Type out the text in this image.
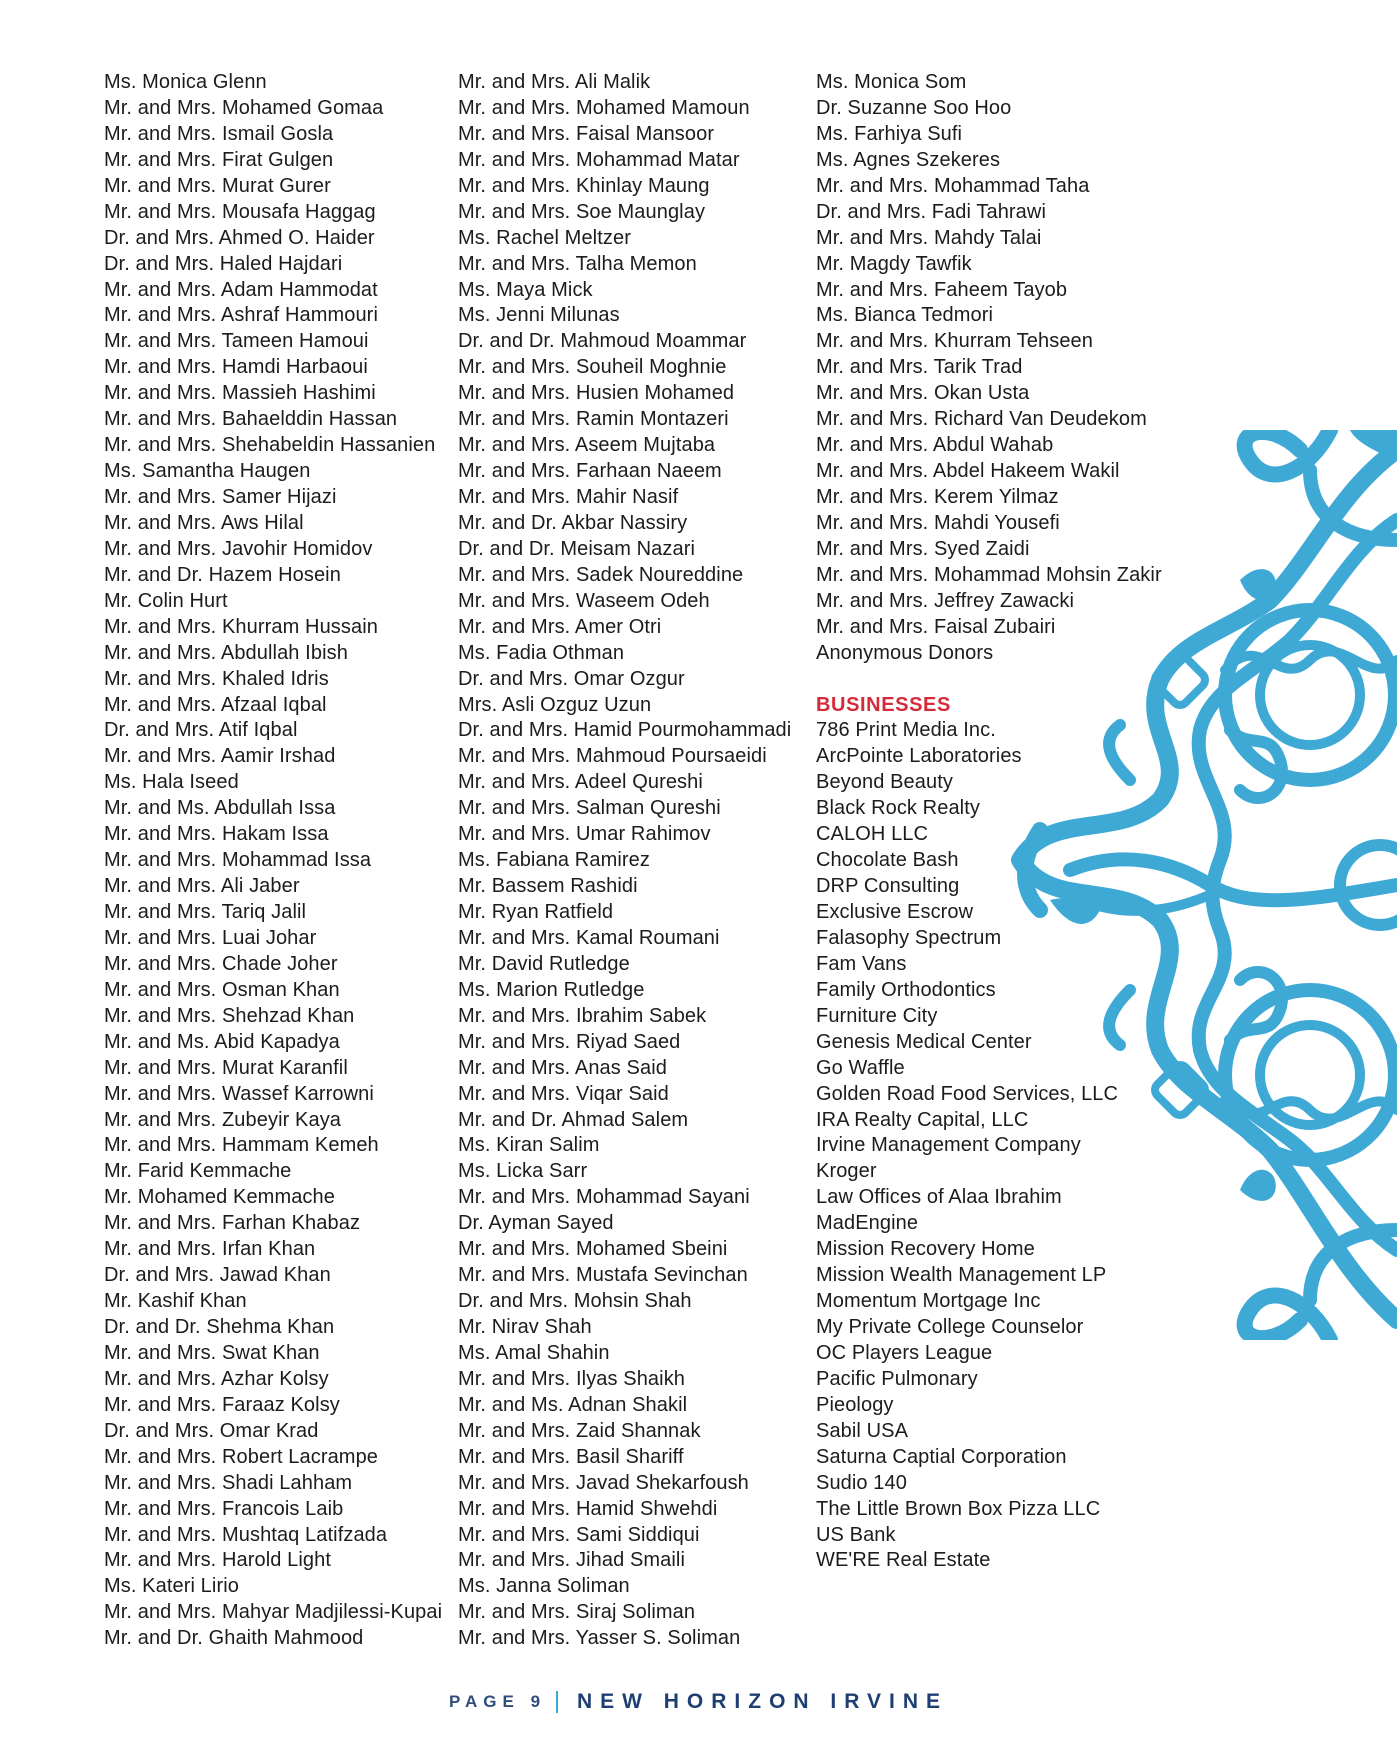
Ms. Monica Glenn
Mr. and Mrs. Mohamed Gomaa
Mr. and Mrs. Ismail Gosla
Mr. and Mrs. Firat Gulgen
Mr. and Mrs. Murat Gurer
Mr. and Mrs. Mousafa Haggag
Dr. and Mrs. Ahmed O. Haider
Dr. and Mrs. Haled Hajdari
Mr. and Mrs. Adam Hammodat
Mr. and Mrs. Ashraf Hammouri
Mr. and Mrs. Tameen Hamoui
Mr. and Mrs. Hamdi Harbaoui
Mr. and Mrs. Massieh Hashimi
Mr. and Mrs. Bahaelddin Hassan
Mr. and Mrs. Shehabeldin Hassanien
Ms. Samantha Haugen
Mr. and Mrs. Samer Hijazi
Mr. and Mrs. Aws Hilal
Mr. and Mrs. Javohir Homidov
Mr. and Dr. Hazem Hosein
Mr. Colin Hurt
Mr. and Mrs. Khurram Hussain
Mr. and Mrs. Abdullah Ibish
Mr. and Mrs. Khaled Idris
Mr. and Mrs. Afzaal Iqbal
Dr. and Mrs. Atif Iqbal
Mr. and Mrs. Aamir Irshad
Ms. Hala Iseed
Mr. and Ms. Abdullah Issa
Mr. and Mrs. Hakam Issa
Mr. and Mrs. Mohammad Issa
Mr. and Mrs. Ali Jaber
Mr. and Mrs. Tariq Jalil
Mr. and Mrs. Luai Johar
Mr. and Mrs. Chade Joher
Mr. and Mrs. Osman Khan
Mr. and Mrs. Shehzad Khan
Mr. and Ms. Abid Kapadya
Mr. and Mrs. Murat Karanfil
Mr. and Mrs. Wassef Karrowni
Mr. and Mrs. Zubeyir Kaya
Mr. and Mrs. Hammam Kemeh
Mr. Farid Kemmache
Mr. Mohamed Kemmache
Mr. and Mrs. Farhan Khabaz
Mr. and Mrs. Irfan Khan
Dr. and Mrs. Jawad Khan
Mr. Kashif Khan
Dr. and Dr. Shehma Khan
Mr. and Mrs. Swat Khan
Mr. and Mrs. Azhar Kolsy
Mr. and Mrs. Faraaz Kolsy
Dr. and Mrs. Omar Krad
Mr. and Mrs. Robert Lacrampe
Mr. and Mrs. Shadi Lahham
Mr. and Mrs. Francois Laib
Mr. and Mrs. Mushtaq Latifzada
Mr. and Mrs. Harold Light
Ms. Kateri Lirio
Mr. and Mrs. Mahyar Madjilessi-Kupai
Mr. and Dr. Ghaith Mahmood
Mr. and Mrs. Ali Malik
Mr. and Mrs. Mohamed Mamoun
Mr. and Mrs. Faisal Mansoor
Mr. and Mrs. Mohammad Matar
Mr. and Mrs. Khinlay Maung
Mr. and Mrs. Soe Maunglay
Ms. Rachel Meltzer
Mr. and Mrs. Talha Memon
Ms. Maya Mick
Ms. Jenni Milunas
Dr. and Dr. Mahmoud Moammar
Mr. and Mrs. Souheil Moghnie
Mr. and Mrs. Husien Mohamed
Mr. and Mrs. Ramin Montazeri
Mr. and Mrs. Aseem Mujtaba
Mr. and Mrs. Farhaan Naeem
Mr. and Mrs. Mahir Nasif
Mr. and Dr. Akbar Nassiry
Dr. and Dr. Meisam Nazari
Mr. and Mrs. Sadek Noureddine
Mr. and Mrs. Waseem Odeh
Mr. and Mrs. Amer Otri
Ms. Fadia Othman
Dr. and Mrs. Omar Ozgur
Mrs. Asli Ozguz Uzun
Dr. and Mrs. Hamid Pourmohammadi
Mr. and Mrs. Mahmoud Poursaeidi
Mr. and Mrs. Adeel Qureshi
Mr. and Mrs. Salman Qureshi
Mr. and Mrs. Umar Rahimov
Ms. Fabiana Ramirez
Mr. Bassem Rashidi
Mr. Ryan Ratfield
Mr. and Mrs. Kamal Roumani
Mr. David Rutledge
Ms. Marion Rutledge
Mr. and Mrs. Ibrahim Sabek
Mr. and Mrs. Riyad Saed
Mr. and Mrs. Anas Said
Mr. and Mrs. Viqar Said
Mr. and Dr. Ahmad Salem
Ms. Kiran Salim
Ms. Licka Sarr
Mr. and Mrs. Mohammad Sayani
Dr. Ayman Sayed
Mr. and Mrs. Mohamed Sbeini
Mr. and Mrs. Mustafa Sevinchan
Dr. and Mrs. Mohsin Shah
Mr. Nirav Shah
Ms. Amal Shahin
Mr. and Mrs. Ilyas Shaikh
Mr. and Ms. Adnan Shakil
Mr. and Mrs. Zaid Shannak
Mr. and Mrs. Basil Shariff
Mr. and Mrs. Javad Shekarfoush
Mr. and Mrs. Hamid Shwehdi
Mr. and Mrs. Sami Siddiqui
Mr. and Mrs. Jihad Smaili
Ms. Janna Soliman
Mr. and Mrs. Siraj Soliman
Mr. and Mrs. Yasser S. Soliman
Ms. Monica Som
Dr. Suzanne Soo Hoo
Ms. Farhiya Sufi
Ms. Agnes Szekeres
Mr. and Mrs. Mohammad Taha
Dr. and Mrs. Fadi Tahrawi
Mr. and Mrs. Mahdy Talai
Mr. Magdy Tawfik
Mr. and Mrs. Faheem Tayob
Ms. Bianca Tedmori
Mr. and Mrs. Khurram Tehseen
Mr. and Mrs. Tarik Trad
Mr. and Mrs. Okan Usta
Mr. and Mrs. Richard Van Deudekom
Mr. and Mrs. Abdul Wahab
Mr. and Mrs. Abdel Hakeem Wakil
Mr. and Mrs. Kerem Yilmaz
Mr. and Mrs. Mahdi Yousefi
Mr. and Mrs. Syed Zaidi
Mr. and Mrs. Mohammad Mohsin Zakir
Mr. and Mrs. Jeffrey Zawacki
Mr. and Mrs. Faisal Zubairi
Anonymous Donors
BUSINESSES
786 Print Media Inc.
ArcPointe Laboratories
Beyond Beauty
Black Rock Realty
CALOH LLC
Chocolate Bash
DRP Consulting
Exclusive Escrow
Falasophy Spectrum
Fam Vans
Family Orthodontics
Furniture City
Genesis Medical Center
Go Waffle
Golden Road Food Services, LLC
IRA Realty Capital, LLC
Irvine Management Company
Kroger
Law Offices of Alaa Ibrahim
MadEngine
Mission Recovery Home
Mission Wealth Management LP
Momentum Mortgage Inc
My Private College Counselor
OC Players League
Pacific Pulmonary
Pieology
Sabil USA
Saturna Captial Corporation
Sudio 140
The Little Brown Box Pizza LLC
US Bank
WE'RE Real Estate
PAGE 9 NEW HORIZON IRVINE
